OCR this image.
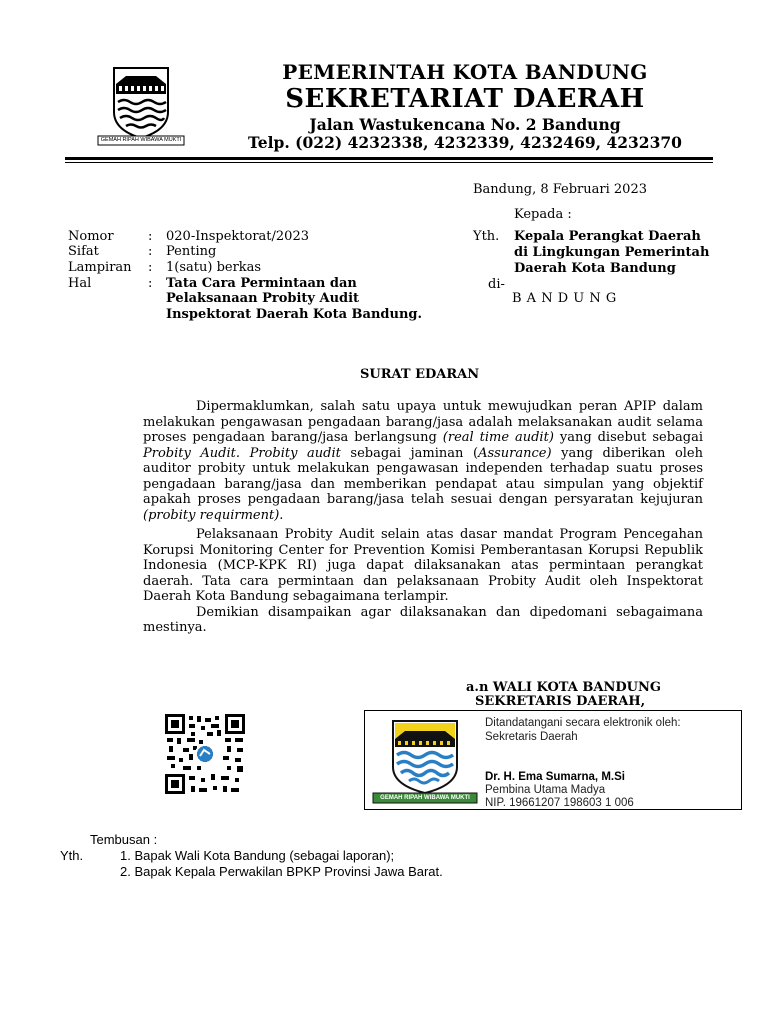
GEMAH RIPAH WIBAWA MUKTI
PEMERINTAH KOTA BANDUNG
SEKRETARIAT DAERAH
Jalan Wastukencana No. 2 Bandung
Telp. (022) 4232338, 4232339, 4232469, 4232370
Bandung, 8 Februari 2023
Kepada :
Yth. Kepala Perangkat Daerah
di Lingkungan Pemerintah
Daerah Kota Bandung
di-
B A N D U N G
Nomor	:	020-Inspektorat/2023
Sifat	:	Penting
Lampiran	:	1(satu) berkas
Hal	:	Tata Cara Permintaan dan
Pelaksanaan Probity Audit
Inspektorat Daerah Kota Bandung.
SURAT EDARAN

Dipermaklumkan, salah satu upaya untuk mewujudkan peran APIP dalam melakukan pengawasan pengadaan barang/jasa adalah melaksanakan audit selama proses pengadaan barang/jasa berlangsung (real time audit) yang disebut sebagai Probity Audit. Probity audit sebagai jaminan (Assurance) yang diberikan oleh auditor probity untuk melakukan pengawasan independen terhadap suatu proses pengadaan barang/jasa dan memberikan pendapat atau simpulan yang objektif apakah proses pengadaan barang/jasa telah sesuai dengan persyaratan kejujuran (probity requirment).

Pelaksanaan Probity Audit selain atas dasar mandat Program Pencegahan Korupsi Monitoring Center for Prevention Komisi Pemberantasan Korupsi Republik Indonesia (MCP-KPK RI) juga dapat dilaksanakan atas permintaan perangkat daerah. Tata cara permintaan dan pelaksanaan Probity Audit oleh Inspektorat Daerah Kota Bandung sebagaimana terlampir.

Demikian disampaikan agar dilaksanakan dan dipedomani sebagaimana mestinya.

a.n WALI KOTA BANDUNG
SEKRETARIS DAERAH,
GEMAH RIPAH WIBAWA MUKTI
Ditandatangani secara elektronik oleh:
Sekretaris Daerah
Dr. H. Ema Sumarna, M.Si
Pembina Utama Madya
NIP. 19661207 198603 1 006
Tembusan :
Yth.	1. Bapak Wali Kota Bandung (sebagai laporan);
2. Bapak Kepala Perwakilan BPKP Provinsi Jawa Barat.
